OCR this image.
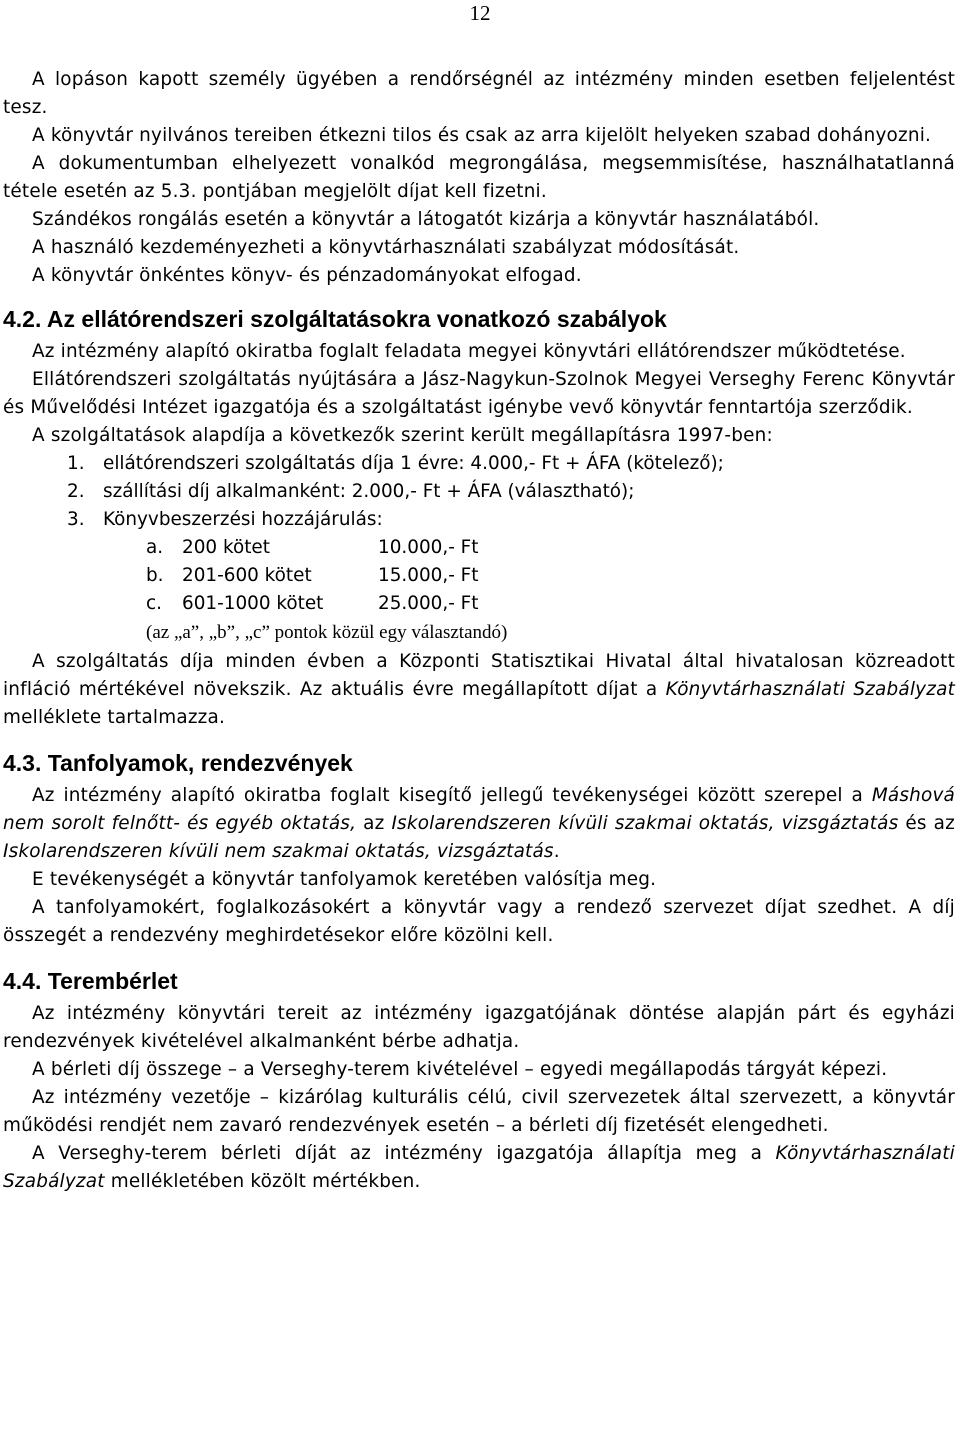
12

A lopáson kapott személy ügyében a rendőrségnél az intézmény minden esetben feljelentést tesz.

A könyvtár nyilvános tereiben étkezni tilos és csak az arra kijelölt helyeken szabad dohányozni.

A dokumentumban elhelyezett vonalkód megrongálása, megsemmisítése, használhatatlanná tétele esetén az 5.3. pontjában megjelölt díjat kell fizetni.

Szándékos rongálás esetén a könyvtár a látogatót kizárja a könyvtár használatából.

A használó kezdeményezheti a könyvtárhasználati szabályzat módosítását.

A könyvtár önkéntes könyv- és pénzadományokat elfogad.

4.2. Az ellátórendszeri szolgáltatásokra vonatkozó szabályok

Az intézmény alapító okiratba foglalt feladata megyei könyvtári ellátórendszer működtetése.

Ellátórendszeri szolgáltatás nyújtására a Jász-Nagykun-Szolnok Megyei Verseghy Ferenc Könyvtár és Művelődési Intézet igazgatója és a szolgáltatást igénybe vevő könyvtár fenntartója szerződik.

A szolgáltatások alapdíja a következők szerint került megállapításra 1997-ben:

1. ellátórendszeri szolgáltatás díja 1 évre: 4.000,- Ft + ÁFA (kötelező);
2. szállítási díj alkalmanként: 2.000,- Ft + ÁFA (választható);
3. Könyvbeszerzési hozzájárulás:
a. 200 kötet	10.000,- Ft
b. 201-600 kötet	15.000,- Ft
c. 601-1000 kötet	25.000,- Ft
(az „a”, „b”, „c” pontok közül egy választandó)

A szolgáltatás díja minden évben a Központi Statisztikai Hivatal által hivatalosan közreadott infláció mértékével növekszik. Az aktuális évre megállapított díjat a Könyvtárhasználati Szabályzat melléklete tartalmazza.

4.3. Tanfolyamok, rendezvények

Az intézmény alapító okiratba foglalt kisegítő jellegű tevékenységei között szerepel a Máshová nem sorolt felnőtt- és egyéb oktatás, az Iskolarendszeren kívüli szakmai oktatás, vizsgáztatás és az Iskolarendszeren kívüli nem szakmai oktatás, vizsgáztatás.

E tevékenységét a könyvtár tanfolyamok keretében valósítja meg.

A tanfolyamokért, foglalkozásokért a könyvtár vagy a rendező szervezet díjat szedhet. A díj összegét a rendezvény meghirdetésekor előre közölni kell.

4.4. Terembérlet

Az intézmény könyvtári tereit az intézmény igazgatójának döntése alapján párt és egyházi rendezvények kivételével alkalmanként bérbe adhatja.

A bérleti díj összege – a Verseghy-terem kivételével – egyedi megállapodás tárgyát képezi.

Az intézmény vezetője – kizárólag kulturális célú, civil szervezetek által szervezett, a könyvtár működési rendjét nem zavaró rendezvények esetén – a bérleti díj fizetését elengedheti.

A Verseghy-terem bérleti díját az intézmény igazgatója állapítja meg a Könyvtárhasználati Szabályzat mellékletében közölt mértékben.
